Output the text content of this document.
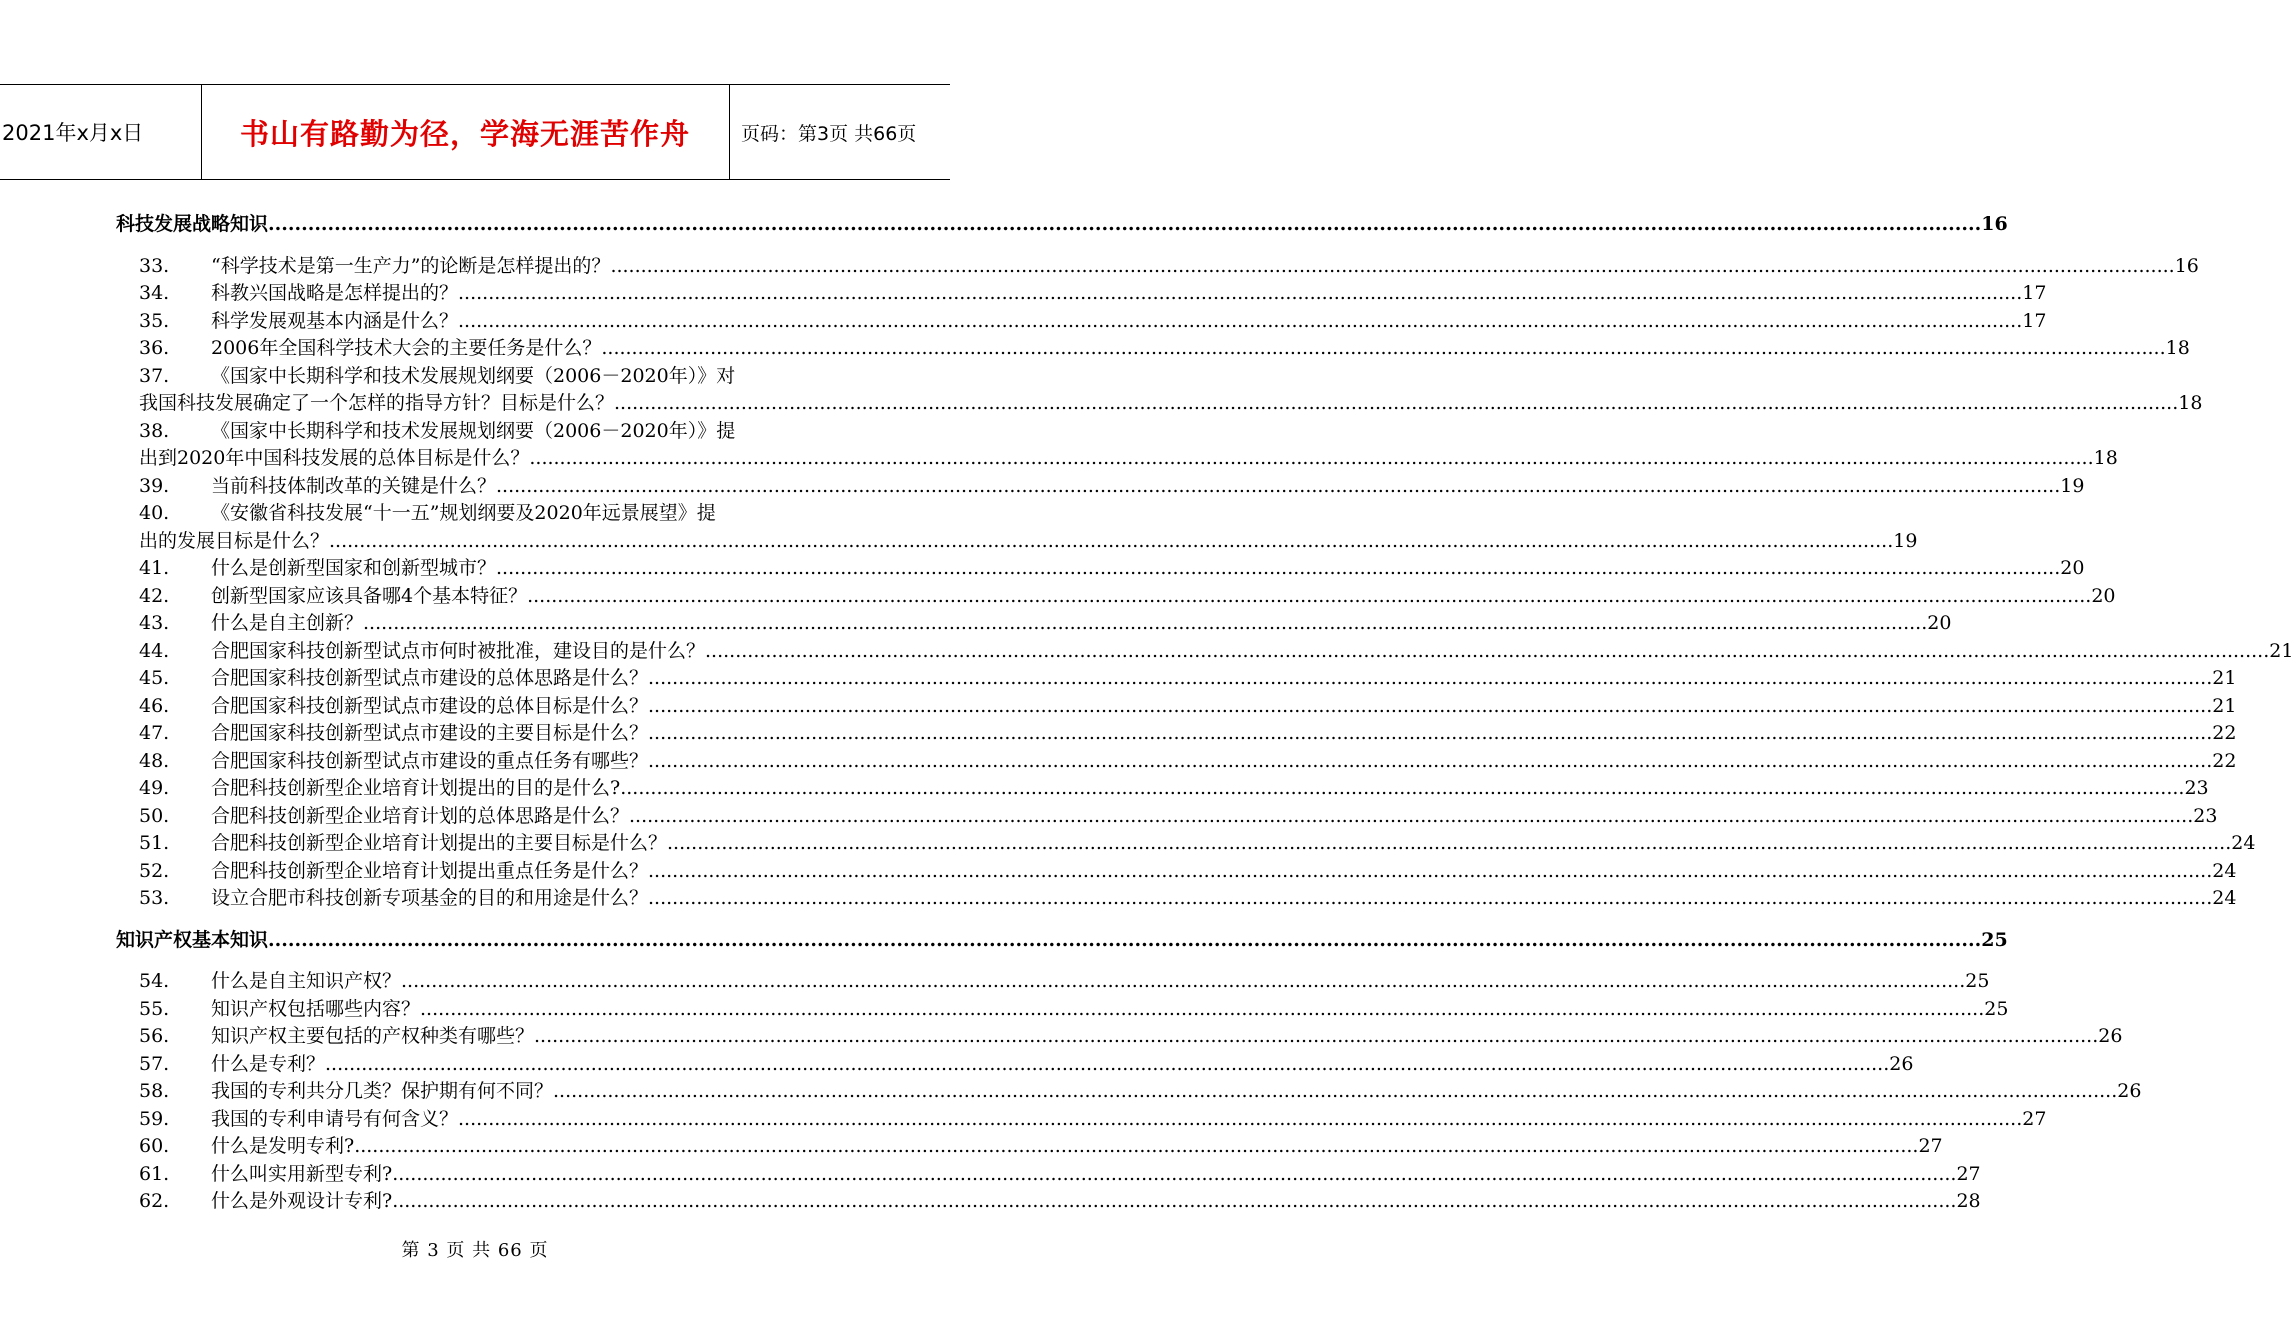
2021年x月x日	书山有路勤为径，学海无涯苦作舟	页码：第3页 共66页
科技发展战略知识 .....	16
33.	“科学技术是第一生产力”的论断是怎样提出的？ .....	16
34.	科教兴国战略是怎样提出的？ .....	17
35.	科学发展观基本内涵是什么？ .....	17
36.	2006年全国科学技术大会的主要任务是什么？ .....	18
37.	《国家中长期科学和技术发展规划纲要（2006－2020年）》对
我国科技发展确定了一个怎样的指导方针？目标是什么？ .....	18
38.	《国家中长期科学和技术发展规划纲要（2006－2020年）》提
出到2020年中国科技发展的总体目标是什么？ .....	18
39.	当前科技体制改革的关键是什么？ .....	19
40.	《安徽省科技发展“十一五”规划纲要及2020年远景展望》提
出的发展目标是什么？ .....	19
41.	什么是创新型国家和创新型城市？ .....	20
42.	创新型国家应该具备哪4个基本特征？ .....	20
43.	什么是自主创新？ .....	20
44.	合肥国家科技创新型试点市何时被批准，建设目的是什么？ .....	21
45.	合肥国家科技创新型试点市建设的总体思路是什么？ .....	21
46.	合肥国家科技创新型试点市建设的总体目标是什么？ .....	21
47.	合肥国家科技创新型试点市建设的主要目标是什么？ .....	22
48.	合肥国家科技创新型试点市建设的重点任务有哪些？ .....	22
49.	合肥科技创新型企业培育计划提出的目的是什么? .....	23
50.	合肥科技创新型企业培育计划的总体思路是什么？ .....	23
51.	合肥科技创新型企业培育计划提出的主要目标是什么？ .....	24
52.	合肥科技创新型企业培育计划提出重点任务是什么？ .....	24
53.	设立合肥市科技创新专项基金的目的和用途是什么？ .....	24
知识产权基本知识 .....	25
54.	什么是自主知识产权？ .....	25
55.	知识产权包括哪些内容？ .....	25
56.	知识产权主要包括的产权种类有哪些？ .....	26
57.	什么是专利？ .....	26
58.	我国的专利共分几类？保护期有何不同？ .....	26
59.	我国的专利申请号有何含义？ .....	27
60.	什么是发明专利? .....	27
61.	什么叫实用新型专利? .....	27
62.	什么是外观设计专利? .....	28
第 3 页 共 66 页
